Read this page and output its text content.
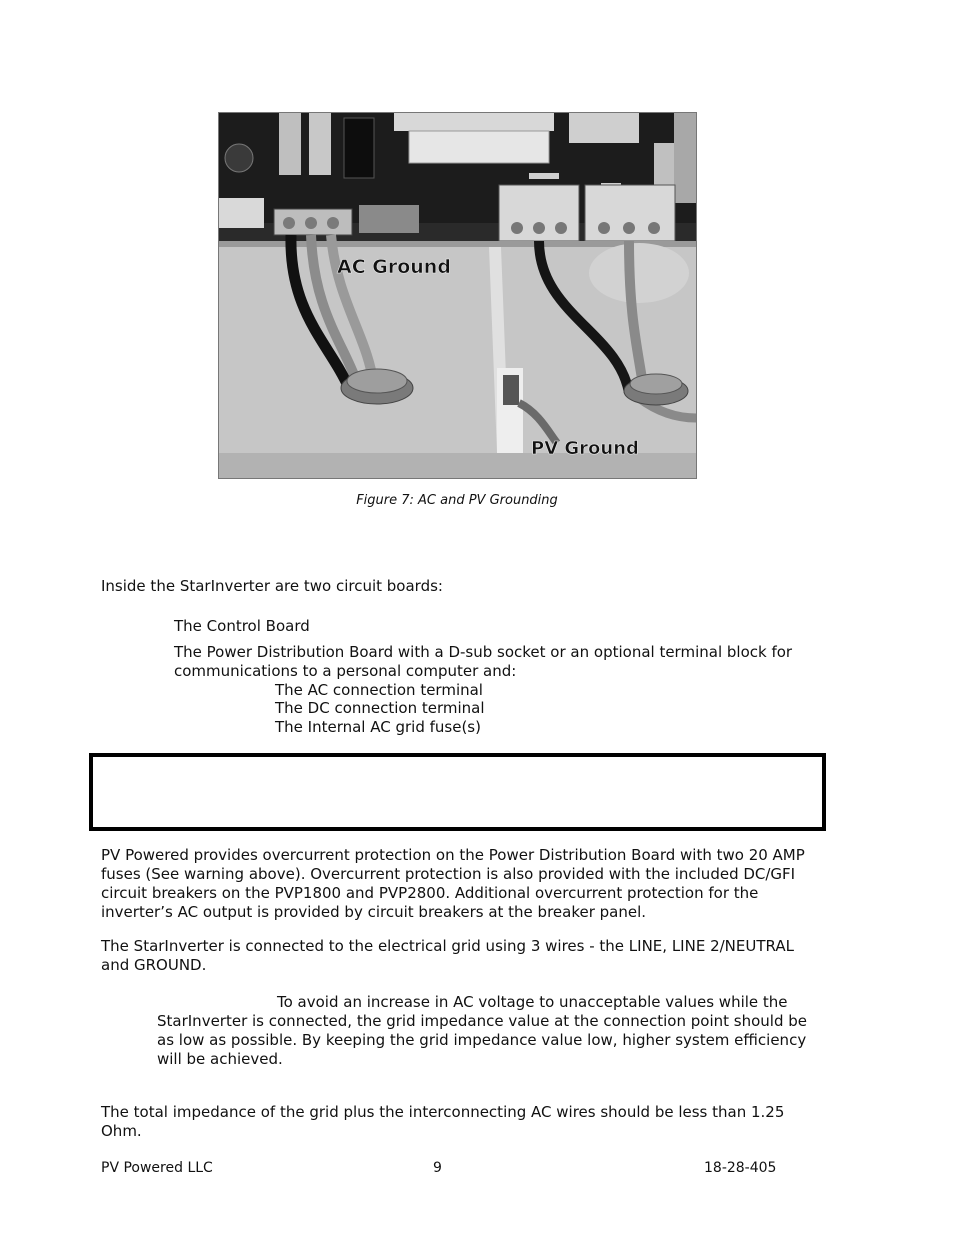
AC Ground
PV Ground
Figure 7: AC and PV Grounding
Inside the StarInverter are two circuit boards:
The Control Board
The Power Distribution Board with a D-sub socket or an optional terminal block for communications to a personal computer and:
The AC connection terminal
The DC connection terminal
The Internal AC grid fuse(s)
PV Powered provides overcurrent protection on the Power Distribution Board with two 20 AMP fuses (See warning above). Overcurrent protection is also provided with the included DC/GFI circuit breakers on the PVP1800 and PVP2800. Additional overcurrent protection for the inverter’s AC output is provided by circuit breakers at the breaker panel.
The StarInverter is connected to the electrical grid using 3 wires - the LINE, LINE 2/NEUTRAL and GROUND.
To avoid an increase in AC voltage to unacceptable values while the StarInverter is connected, the grid impedance value at the connection point should be as low as possible. By keeping the grid impedance value low, higher system efficiency will be achieved.
The total impedance of the grid plus the interconnecting AC wires should be less than 1.25 Ohm.
PV Powered LLC	9	18-28-405
